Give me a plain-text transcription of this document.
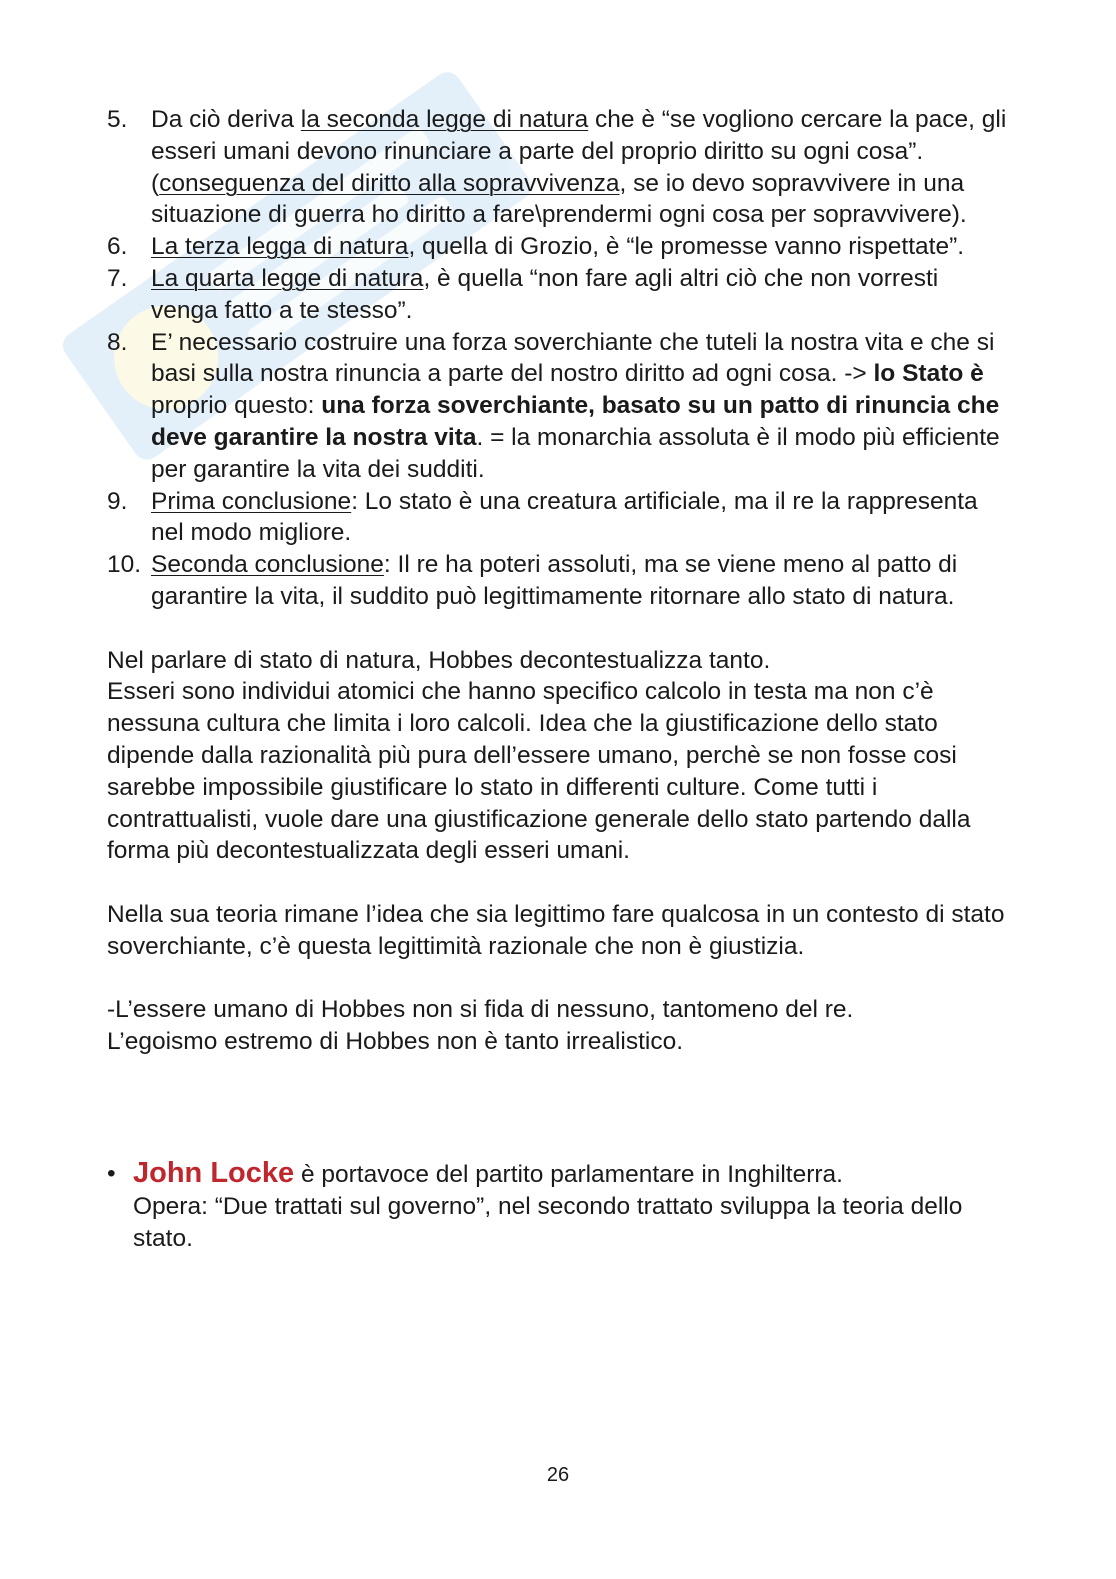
5. Da ciò deriva la seconda legge di natura che è “se vogliono cercare la pace, gli esseri umani devono rinunciare a parte del proprio diritto su ogni cosa”. (conseguenza del diritto alla sopravvivenza, se io devo sopravvivere in una situazione di guerra ho diritto a fare\prendermi ogni cosa per sopravvivere).
6. La terza legga di natura, quella di Grozio, è “le promesse vanno rispettate”.
7. La quarta legge di natura, è quella “non fare agli altri ciò che non vorresti venga fatto a te stesso”.
8. E’ necessario costruire una forza soverchiante che tuteli la nostra vita e che si basi sulla nostra rinuncia a parte del nostro diritto ad ogni cosa. -> lo Stato è proprio questo: una forza soverchiante, basato su un patto di rinuncia che deve garantire la nostra vita. = la monarchia assoluta è il modo più efficiente per garantire la vita dei sudditi.
9. Prima conclusione: Lo stato è una creatura artificiale, ma il re la rappresenta nel modo migliore.
10. Seconda conclusione: Il re ha poteri assoluti, ma se viene meno al patto di garantire la vita, il suddito può legittimamente ritornare allo stato di natura.

Nel parlare di stato di natura, Hobbes decontestualizza tanto.

Esseri sono individui atomici che hanno specifico calcolo in testa ma non c’è nessuna cultura che limita i loro calcoli. Idea che la giustificazione dello stato dipende dalla razionalità più pura dell’essere umano, perchè se non fosse cosi sarebbe impossibile giustificare lo stato in differenti culture. Come tutti i contrattualisti, vuole dare una giustificazione generale dello stato partendo dalla forma più decontestualizzata degli esseri umani.

Nella sua teoria rimane l’idea che sia legittimo fare qualcosa in un contesto di stato soverchiante, c’è questa legittimità razionale che non è giustizia.

-L’essere umano di Hobbes non si fida di nessuno, tantomeno del re.

L’egoismo estremo di Hobbes non è tanto irrealistico.

• John Locke è portavoce del partito parlamentare in Inghilterra.
Opera: “Due trattati sul governo”, nel secondo trattato sviluppa la teoria dello stato.
26
